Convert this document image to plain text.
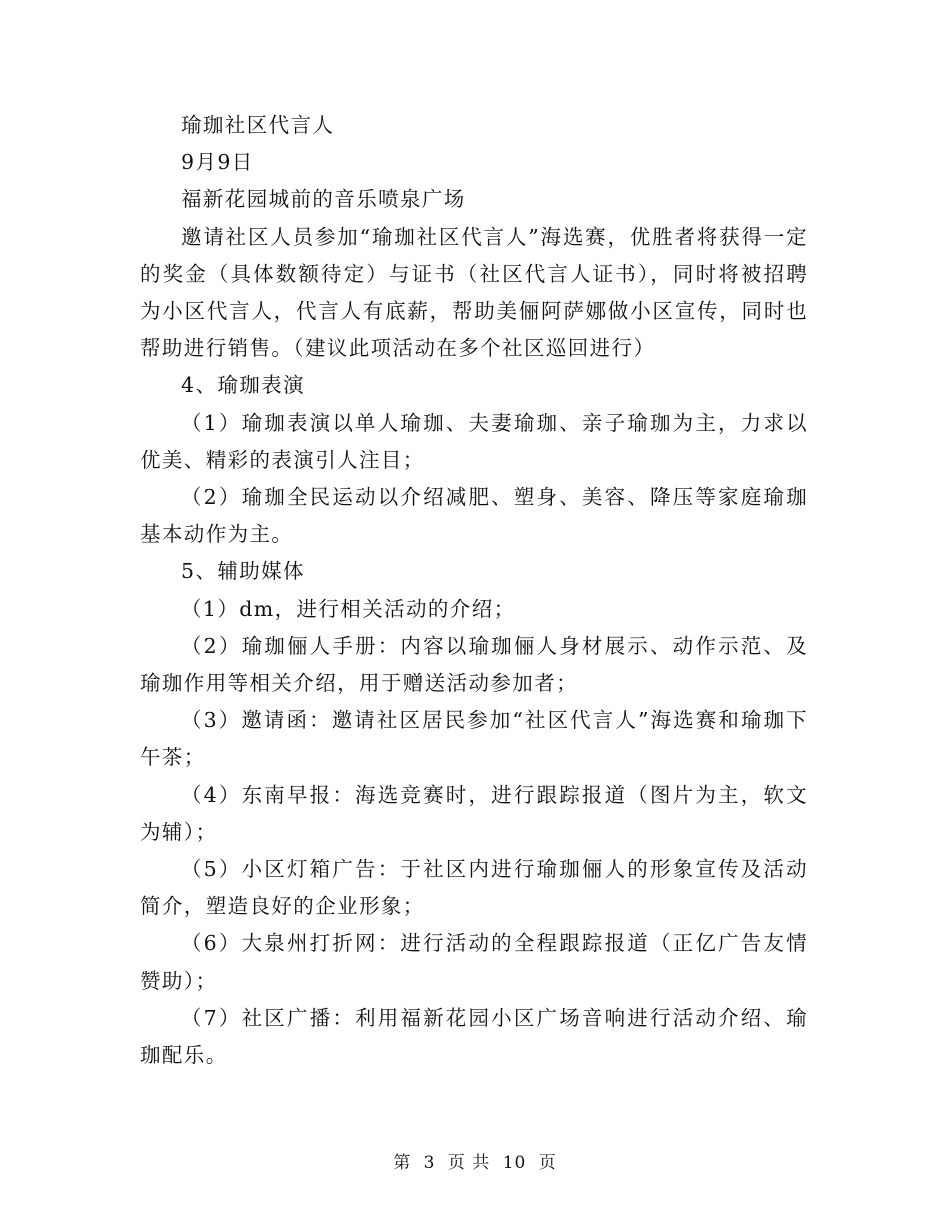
瑜珈社区代言人

9月9日

福新花园城前的音乐喷泉广场

邀请社区人员参加“瑜珈社区代言人”海选赛，优胜者将获得一定的奖金（具体数额待定）与证书（社区代言人证书），同时将被招聘为小区代言人，代言人有底薪，帮助美俪阿萨娜做小区宣传，同时也帮助进行销售。（建议此项活动在多个社区巡回进行）

4、瑜珈表演

（1）瑜珈表演以单人瑜珈、夫妻瑜珈、亲子瑜珈为主，力求以优美、精彩的表演引人注目；

（2）瑜珈全民运动以介绍减肥、塑身、美容、降压等家庭瑜珈基本动作为主。

5、辅助媒体

（1）dm，进行相关活动的介绍；

（2）瑜珈俪人手册：内容以瑜珈俪人身材展示、动作示范、及瑜珈作用等相关介绍，用于赠送活动参加者；

（3）邀请函：邀请社区居民参加“社区代言人”海选赛和瑜珈下午茶；

（4）东南早报：海选竞赛时，进行跟踪报道（图片为主，软文为辅）；

（5）小区灯箱广告：于社区内进行瑜珈俪人的形象宣传及活动简介，塑造良好的企业形象；

（6）大泉州打折网：进行活动的全程跟踪报道（正亿广告友情赞助）；

（7）社区广播：利用福新花园小区广场音响进行活动介绍、瑜珈配乐。

第 3 页 共 10 页
